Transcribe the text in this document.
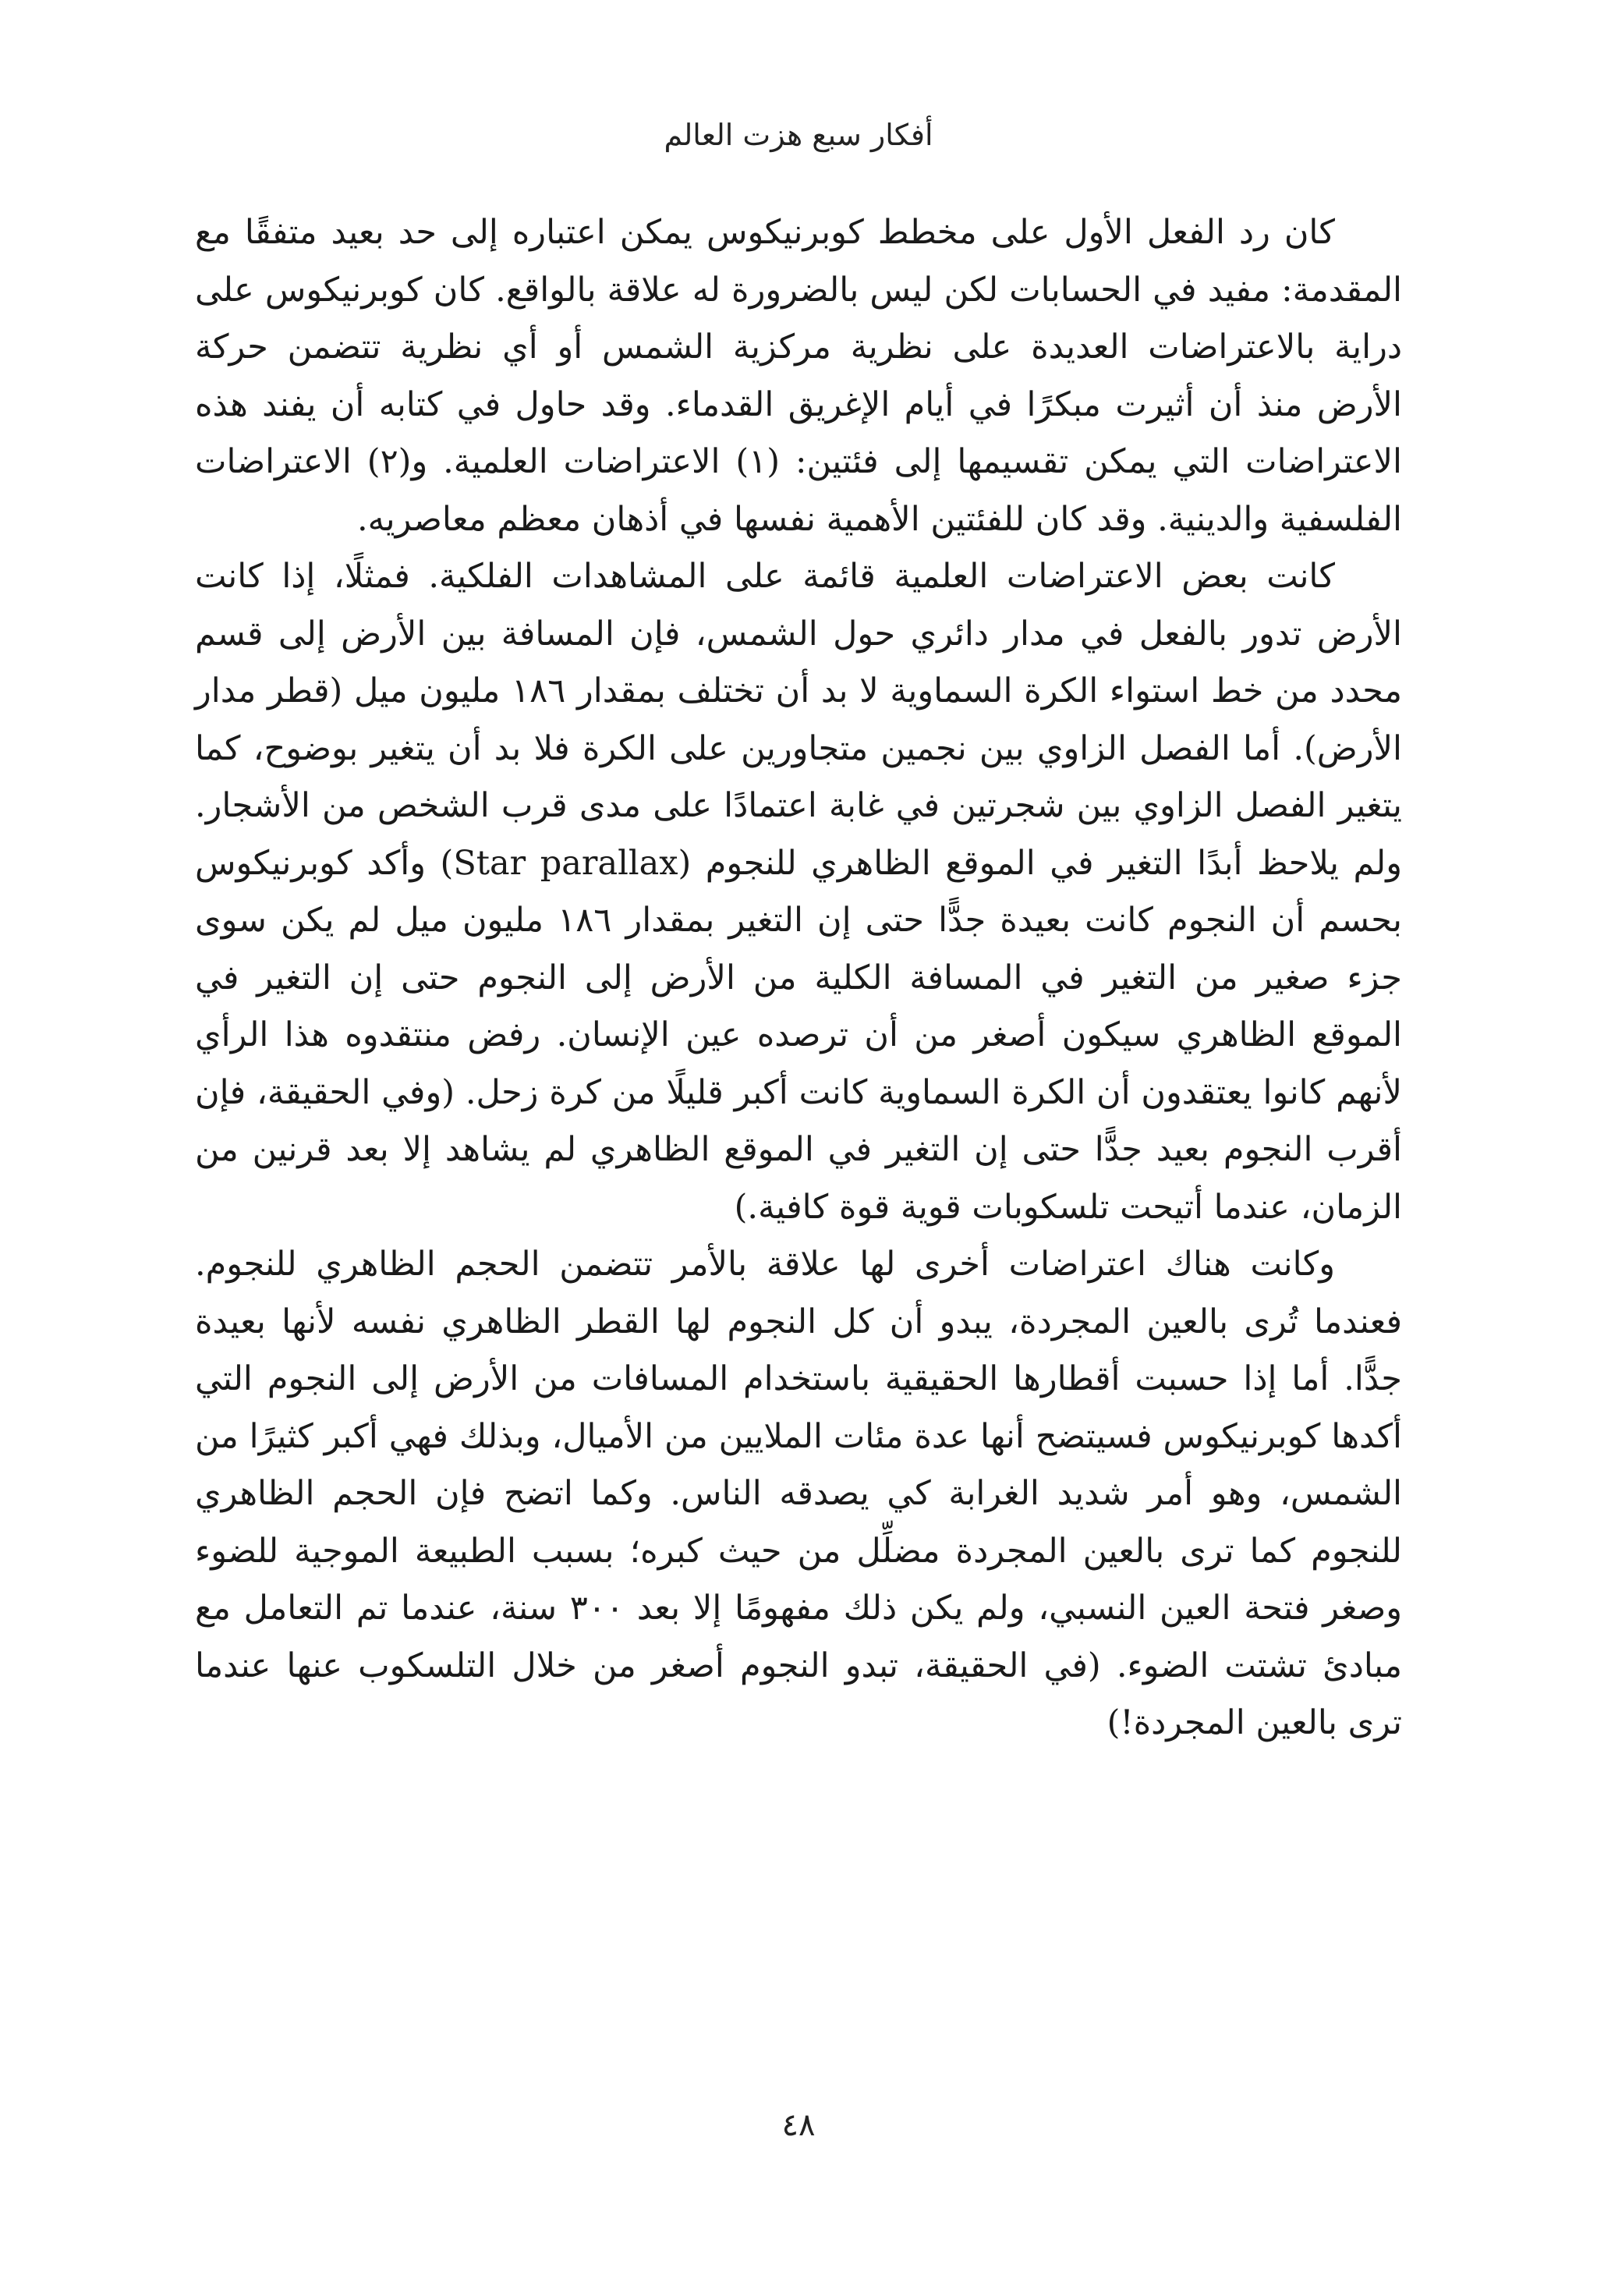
أفكار سبع هزت العالم

كان رد الفعل الأول على مخطط كوبرنيكوس يمكن اعتباره إلى حد بعيد متفقًا مع المقدمة: مفيد في الحسابات لكن ليس بالضرورة له علاقة بالواقع. كان كوبرنيكوس على دراية بالاعتراضات العديدة على نظرية مركزية الشمس أو أي نظرية تتضمن حركة الأرض منذ أن أثيرت مبكرًا في أيام الإغريق القدماء. وقد حاول في كتابه أن يفند هذه الاعتراضات التي يمكن تقسيمها إلى فئتين: (١) الاعتراضات العلمية. و(٢) الاعتراضات الفلسفية والدينية. وقد كان للفئتين الأهمية نفسها في أذهان معظم معاصريه.

كانت بعض الاعتراضات العلمية قائمة على المشاهدات الفلكية. فمثلًا، إذا كانت الأرض تدور بالفعل في مدار دائري حول الشمس، فإن المسافة بين الأرض إلى قسم محدد من خط استواء الكرة السماوية لا بد أن تختلف بمقدار ١٨٦ مليون ميل (قطر مدار الأرض). أما الفصل الزاوي بين نجمين متجاورين على الكرة فلا بد أن يتغير بوضوح، كما يتغير الفصل الزاوي بين شجرتين في غابة اعتمادًا على مدى قرب الشخص من الأشجار. ولم يلاحظ أبدًا التغير في الموقع الظاهري للنجوم (Star parallax) وأكد كوبرنيكوس بحسم أن النجوم كانت بعيدة جدًّا حتى إن التغير بمقدار ١٨٦ مليون ميل لم يكن سوى جزء صغير من التغير في المسافة الكلية من الأرض إلى النجوم حتى إن التغير في الموقع الظاهري سيكون أصغر من أن ترصده عين الإنسان. رفض منتقدوه هذا الرأي لأنهم كانوا يعتقدون أن الكرة السماوية كانت أكبر قليلًا من كرة زحل. (وفي الحقيقة، فإن أقرب النجوم بعيد جدًّا حتى إن التغير في الموقع الظاهري لم يشاهد إلا بعد قرنين من الزمان، عندما أتيحت تلسكوبات قوية قوة كافية.)

وكانت هناك اعتراضات أخرى لها علاقة بالأمر تتضمن الحجم الظاهري للنجوم. فعندما تُرى بالعين المجردة، يبدو أن كل النجوم لها القطر الظاهري نفسه لأنها بعيدة جدًّا. أما إذا حسبت أقطارها الحقيقية باستخدام المسافات من الأرض إلى النجوم التي أكدها كوبرنيكوس فسيتضح أنها عدة مئات الملايين من الأميال، وبذلك فهي أكبر كثيرًا من الشمس، وهو أمر شديد الغرابة كي يصدقه الناس. وكما اتضح فإن الحجم الظاهري للنجوم كما ترى بالعين المجردة مضلِّل من حيث كبره؛ بسبب الطبيعة الموجية للضوء وصغر فتحة العين النسبي، ولم يكن ذلك مفهومًا إلا بعد ٣٠٠ سنة، عندما تم التعامل مع مبادئ تشتت الضوء. (في الحقيقة، تبدو النجوم أصغر من خلال التلسكوب عنها عندما ترى بالعين المجردة!)

٤٨
